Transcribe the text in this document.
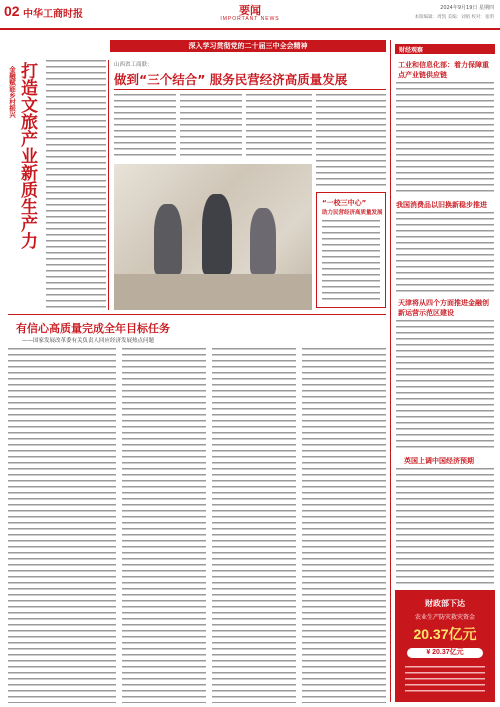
02 中华工商时报	要闻
IMPORTANT NEWS
2024年9月19日 星期四
本版编辑：周凯 美编：刘娟 校对：张明
深入学习贯彻党的二十届三中全会精神
金融赋能乡村振兴 打造文旅产业新质生产力	山西省工商联：
做到“三个结合” 服务民营经济高质量发展
“一校三中心”
助力民营经济高质量发展
有信心高质量完成全年目标任务
——国家发展改革委有关负责人回应经济发展热点问题
财经观察
工业和信息化部：着力保障重点产业链供应链
我国消费品以旧换新稳步推进
天津将从四个方面推进金融创新运营示范区建设
英国上调中国经济预期
财政部下达
农业生产防灾救灾资金
20.37亿元
¥ 20.37亿元
